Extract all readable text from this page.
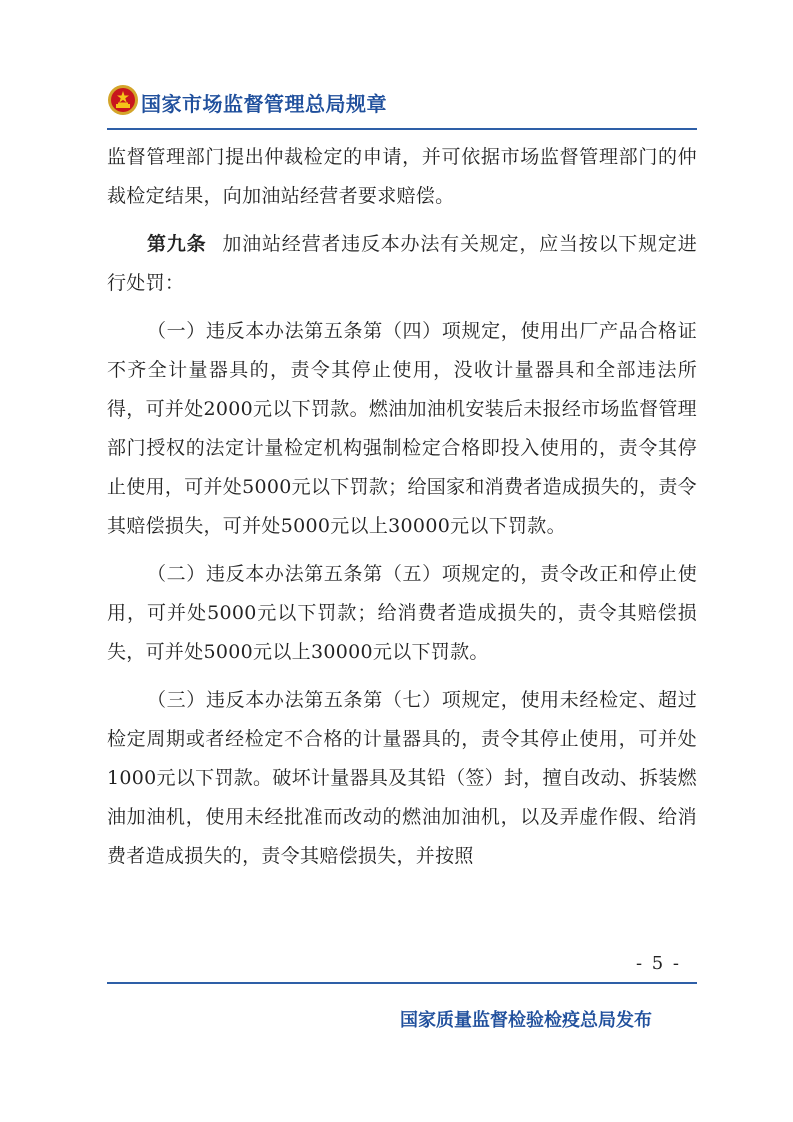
国家市场监督管理总局规章

监督管理部门提出仲裁检定的申请，并可依据市场监督管理部门的仲裁检定结果，向加油站经营者要求赔偿。

第九条 加油站经营者违反本办法有关规定，应当按以下规定进行处罚：

（一）违反本办法第五条第（四）项规定，使用出厂产品合格证不齐全计量器具的，责令其停止使用，没收计量器具和全部违法所得，可并处2000元以下罚款。燃油加油机安装后未报经市场监督管理部门授权的法定计量检定机构强制检定合格即投入使用的，责令其停止使用，可并处5000元以下罚款；给国家和消费者造成损失的，责令其赔偿损失，可并处5000元以上30000元以下罚款。

（二）违反本办法第五条第（五）项规定的，责令改正和停止使用，可并处5000元以下罚款；给消费者造成损失的，责令其赔偿损失，可并处5000元以上30000元以下罚款。

（三）违反本办法第五条第（七）项规定，使用未经检定、超过检定周期或者经检定不合格的计量器具的，责令其停止使用，可并处1000元以下罚款。破坏计量器具及其铅（签）封，擅自改动、拆装燃油加油机，使用未经批准而改动的燃油加油机，以及弄虚作假、给消费者造成损失的，责令其赔偿损失，并按照

- 5 -
国家质量监督检验检疫总局发布
